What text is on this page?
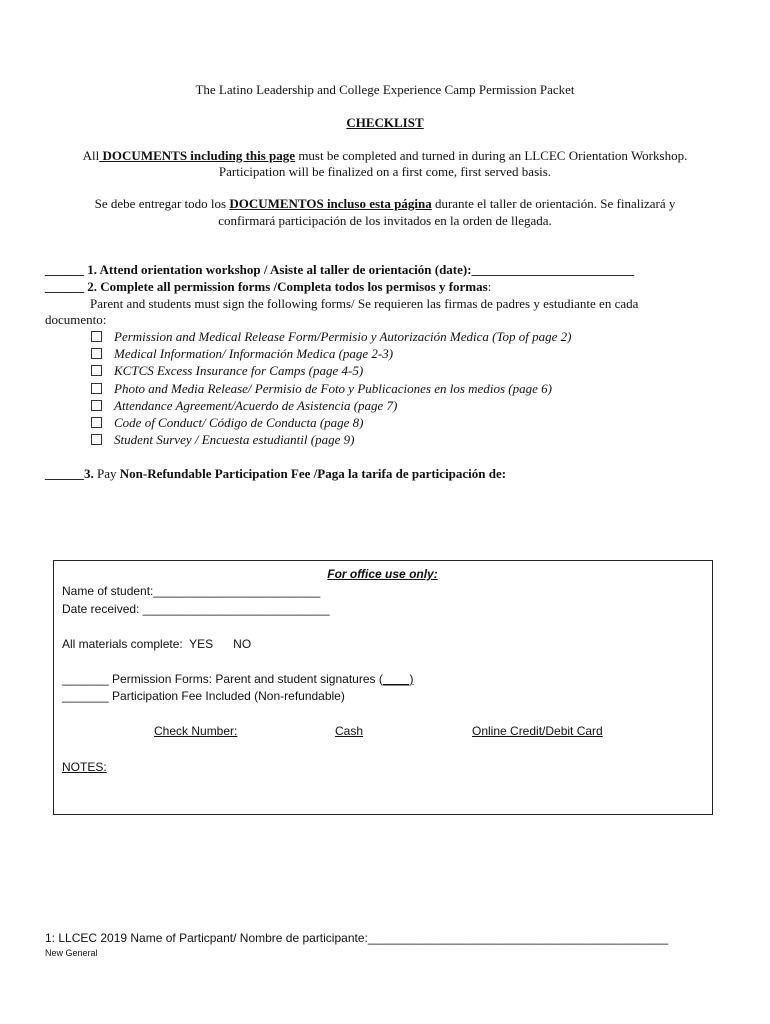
The Latino Leadership and College Experience Camp Permission Packet
CHECKLIST
All DOCUMENTS including this page must be completed and turned in during an LLCEC Orientation Workshop.
Participation will be finalized on a first come, first served basis.
Se debe entregar todo los DOCUMENTOS incluso esta página durante el taller de orientación. Se finalizará y
confirmará participación de los invitados en la orden de llegada.
______ 1. Attend orientation workshop / Asiste al taller de orientación (date):_________________________
______ 2. Complete all permission forms /Completa todos los permisos y formas:
Parent and students must sign the following forms/ Se requieren las firmas de padres y estudiante en cada
documento:
Permission and Medical Release Form/Permisio y Autorización Medica (Top of page 2)
Medical Information/ Información Medica (page 2-3)
KCTCS Excess Insurance for Camps (page 4-5)
Photo and Media Release/ Permisio de Foto y Publicaciones en los medios (page 6)
Attendance Agreement/Acuerdo de Asistencia (page 7)
Code of Conduct/ Código de Conducta (page 8)
Student Survey / Encuesta estudiantil (page 9)
______3. Pay Non-Refundable Participation Fee /Paga la tarifa de participación de:
For office use only:
Name of student:_________________________
Date received: ____________________________
All materials complete:  YES      NO
_______ Permission Forms: Parent and student signatures (____)
_______ Participation Fee Included (Non-refundable)
Check Number:	Cash	Online Credit/Debit Card
NOTES:
1: LLCEC 2019 Name of Particpant/ Nombre de participante:_____________________________________________
New General
